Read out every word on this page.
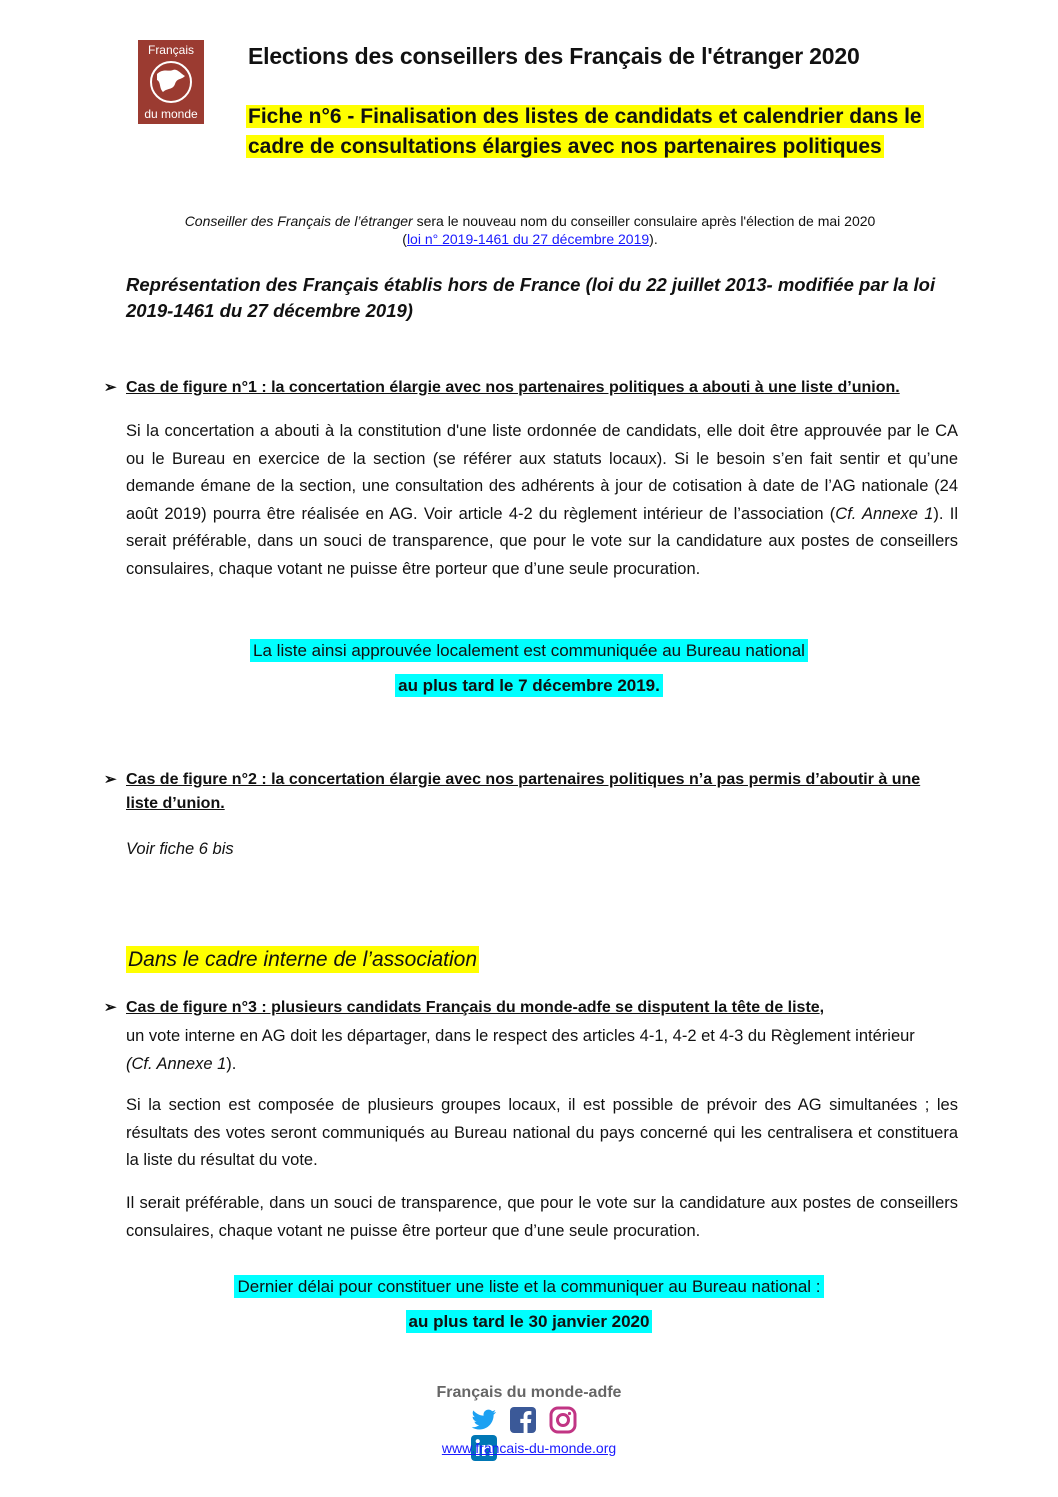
Français
du monde
Elections des conseillers des Français de l'étranger 2020
Fiche n°6 - Finalisation des listes de candidats et calendrier dans le
cadre de consultations élargies avec nos partenaires politiques
Conseiller des Français de l’étranger sera le nouveau nom du conseiller consulaire après l'élection de mai 2020
(loi n° 2019-1461 du 27 décembre 2019).
Représentation des Français établis hors de France (loi du 22 juillet 2013- modifiée par la loi 2019-1461 du 27 décembre 2019)
➢ Cas de figure n°1 : la concertation élargie avec nos partenaires politiques a abouti à une liste d’union.
Si la concertation a abouti à la constitution d'une liste ordonnée de candidats, elle doit être approuvée par le CA ou le Bureau en exercice de la section (se référer aux statuts locaux). Si le besoin s’en fait sentir et qu’une demande émane de la section, une consultation des adhérents à jour de cotisation à date de l’AG nationale (24 août 2019) pourra être réalisée en AG. Voir article 4-2 du règlement intérieur de l’association (Cf. Annexe 1). Il serait préférable, dans un souci de transparence, que pour le vote sur la candidature aux postes de conseillers consulaires, chaque votant ne puisse être porteur que d’une seule procuration.
La liste ainsi approuvée localement est communiquée au Bureau national
au plus tard le 7 décembre 2019.
➢ Cas de figure n°2 : la concertation élargie avec nos partenaires politiques n’a pas permis d’aboutir à une liste d’union.
Voir fiche 6 bis
Dans le cadre interne de l’association
➢ Cas de figure n°3 : plusieurs candidats Français du monde-adfe se disputent la tête de liste,
un vote interne en AG doit les départager, dans le respect des articles 4-1, 4-2 et 4-3 du Règlement intérieur (Cf. Annexe 1).
Si la section est composée de plusieurs groupes locaux, il est possible de prévoir des AG simultanées ; les résultats des votes seront communiqués au Bureau national du pays concerné qui les centralisera et constituera la liste du résultat du vote.
Il serait préférable, dans un souci de transparence, que pour le vote sur la candidature aux postes de conseillers consulaires, chaque votant ne puisse être porteur que d’une seule procuration.
Dernier délai pour constituer une liste et la communiquer au Bureau national :
au plus tard le 30 janvier 2020
Français du monde-adfe

www.francais-du-monde.org
